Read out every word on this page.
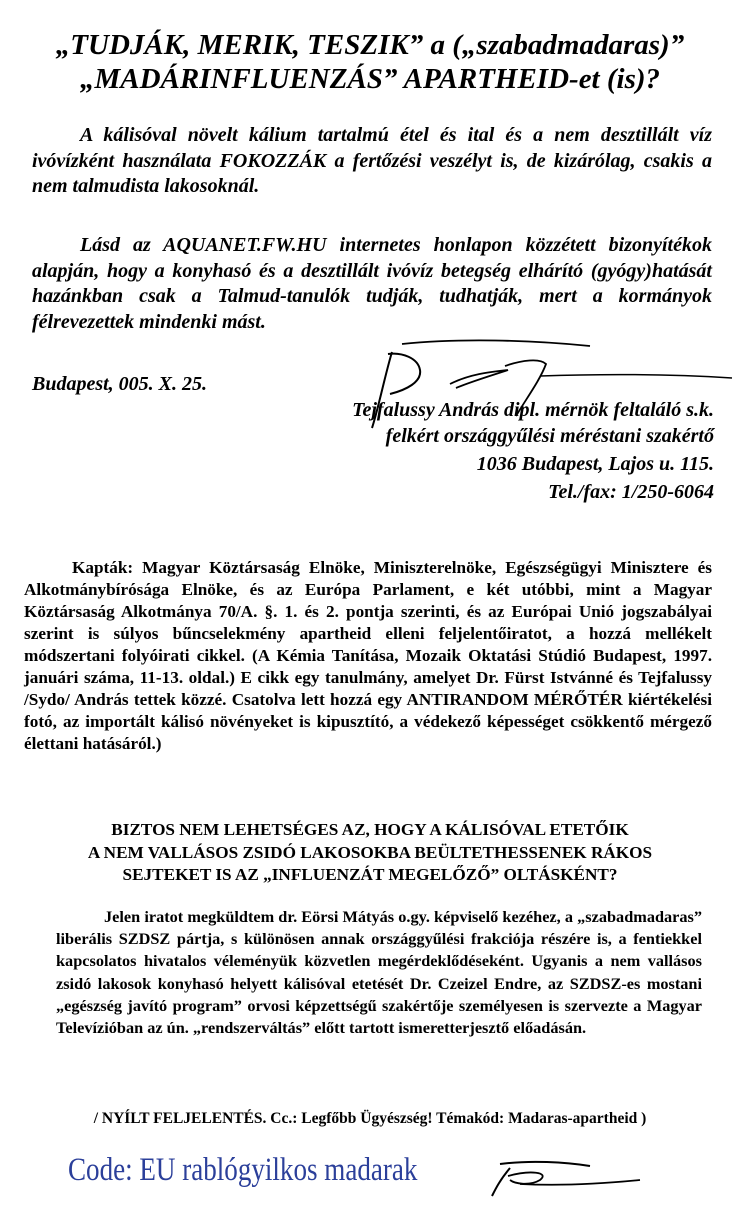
„TUDJÁK, MERIK, TESZIK” a („szabadmadaras)”
„MADÁRINFLUENZÁS” APARTHEID-et (is)?

A kálisóval növelt kálium tartalmú étel és ital és a nem desztillált víz ivóvízként használata FOKOZZÁK a fertőzési veszélyt is, de kizárólag, csakis a nem talmudista lakosoknál.

Lásd az AQUANET.FW.HU internetes honlapon közzétett bizonyítékok alapján, hogy a konyhasó és a desztillált ivóvíz betegség elhárító (gyógy)hatását hazánkban csak a Talmud-tanulók tudják, tudhatják, mert a kormányok félrevezettek mindenki mást.

Budapest, 005. X. 25.
Tejfalussy András dipl. mérnök feltaláló s.k.
felkért országgyűlési méréstani szakértő
1036 Budapest, Lajos u. 115.
Tel./fax: 1/250-6064

Kapták: Magyar Köztársaság Elnöke, Miniszterelnöke, Egészségügyi Minisztere és Alkotmánybírósága Elnöke, és az Európa Parlament, e két utóbbi, mint a Magyar Köztársaság Alkotmánya 70/A. §. 1. és 2. pontja szerinti, és az Európai Unió jogszabályai szerint is súlyos bűncselekmény apartheid elleni feljelentőiratot, a hozzá mellékelt módszertani folyóirati cikkel. (A Kémia Tanítása, Mozaik Oktatási Stúdió Budapest, 1997. januári száma, 11-13. oldal.) E cikk egy tanulmány, amelyet Dr. Fürst Istvánné és Tejfalussy /Sydo/ András tettek közzé. Csatolva lett hozzá egy ANTIRANDOM MÉRŐTÉR kiértékelési fotó, az importált kálisó növényeket is kipusztító, a védekező képességet csökkentő mérgező élettani hatásáról.)

BIZTOS NEM LEHETSÉGES AZ, HOGY A KÁLISÓVAL ETETŐIK
A NEM VALLÁSOS ZSIDÓ LAKOSOKBA BEÜLTETHESSENEK RÁKOS
SEJTEKET IS AZ „INFLUENZÁT MEGELŐZŐ” OLTÁSKÉNT?

Jelen iratot megküldtem dr. Eörsi Mátyás o.gy. képviselő kezéhez, a „szabadmadaras” liberális SZDSZ pártja, s különösen annak országgyűlési frakciója részére is, a fentiekkel kapcsolatos hivatalos véleményük közvetlen megérdeklődéseként. Ugyanis a nem vallásos zsidó lakosok konyhasó helyett kálisóval etetését Dr. Czeizel Endre, az SZDSZ-es mostani „egészség javító program” orvosi képzettségű szakértője személyesen is szervezte a Magyar Televízióban az ún. „rendszerváltás” előtt tartott ismeretterjesztő előadásán.

/ NYÍLT FELJELENTÉS. Cc.: Legfőbb Ügyészség! Témakód: Madaras-apartheid )
Code: EU rablógyilkos madarak
